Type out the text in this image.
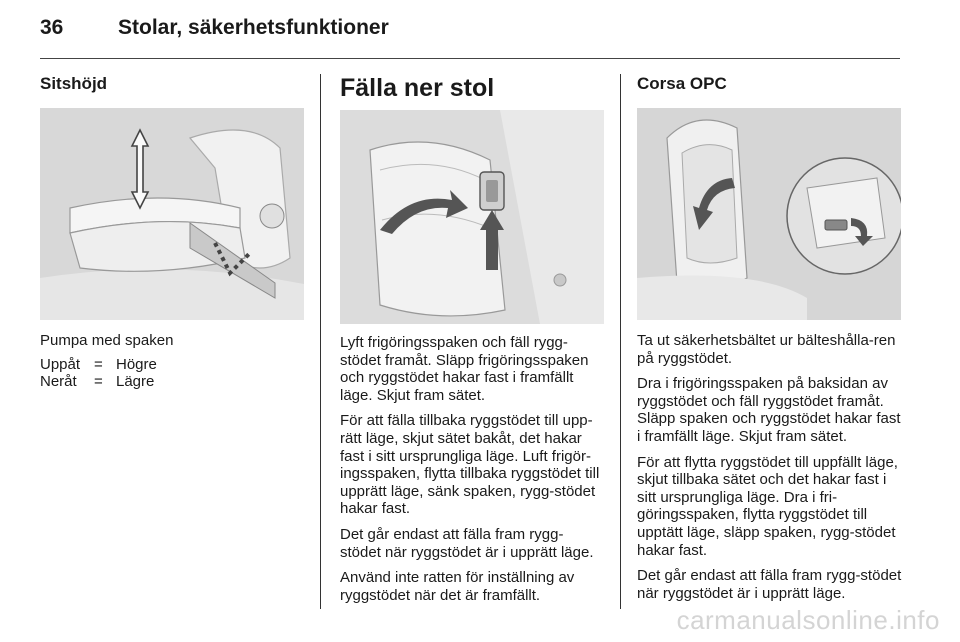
36	Stolar, säkerhetsfunktioner
Sitshöjd
Pumpa med spaken
Uppåt = Högre
Neråt	= Lägre
Fälla ner stol

Lyft frigöringsspaken och fäll rygg-stödet framåt. Släpp frigöringsspaken och ryggstödet hakar fast i framfällt läge. Skjut fram sätet.

För att fälla tillbaka ryggstödet till upp-rätt läge, skjut sätet bakåt, det hakar fast i sitt ursprungliga läge. Luft frigör-ingsspaken, flytta tillbaka ryggstödet till upprätt läge, sänk spaken, rygg-stödet hakar fast.

Det går endast att fälla fram rygg-stödet när ryggstödet är i upprätt läge.

Använd inte ratten för inställning av ryggstödet när det är framfällt.

Corsa OPC

Ta ut säkerhetsbältet ur bälteshålla-ren på ryggstödet.

Dra i frigöringsspaken på baksidan av ryggstödet och fäll ryggstödet framåt. Släpp spaken och ryggstödet hakar fast i framfällt läge. Skjut fram sätet.

För att flytta ryggstödet till uppfällt läge, skjut tillbaka sätet och det hakar fast i sitt ursprungliga läge. Dra i fri-göringsspaken, flytta ryggstödet till upptätt läge, släpp spaken, rygg-stödet hakar fast.

Det går endast att fälla fram rygg-stödet när ryggstödet är i upprätt läge.

carmanualsonline.info
